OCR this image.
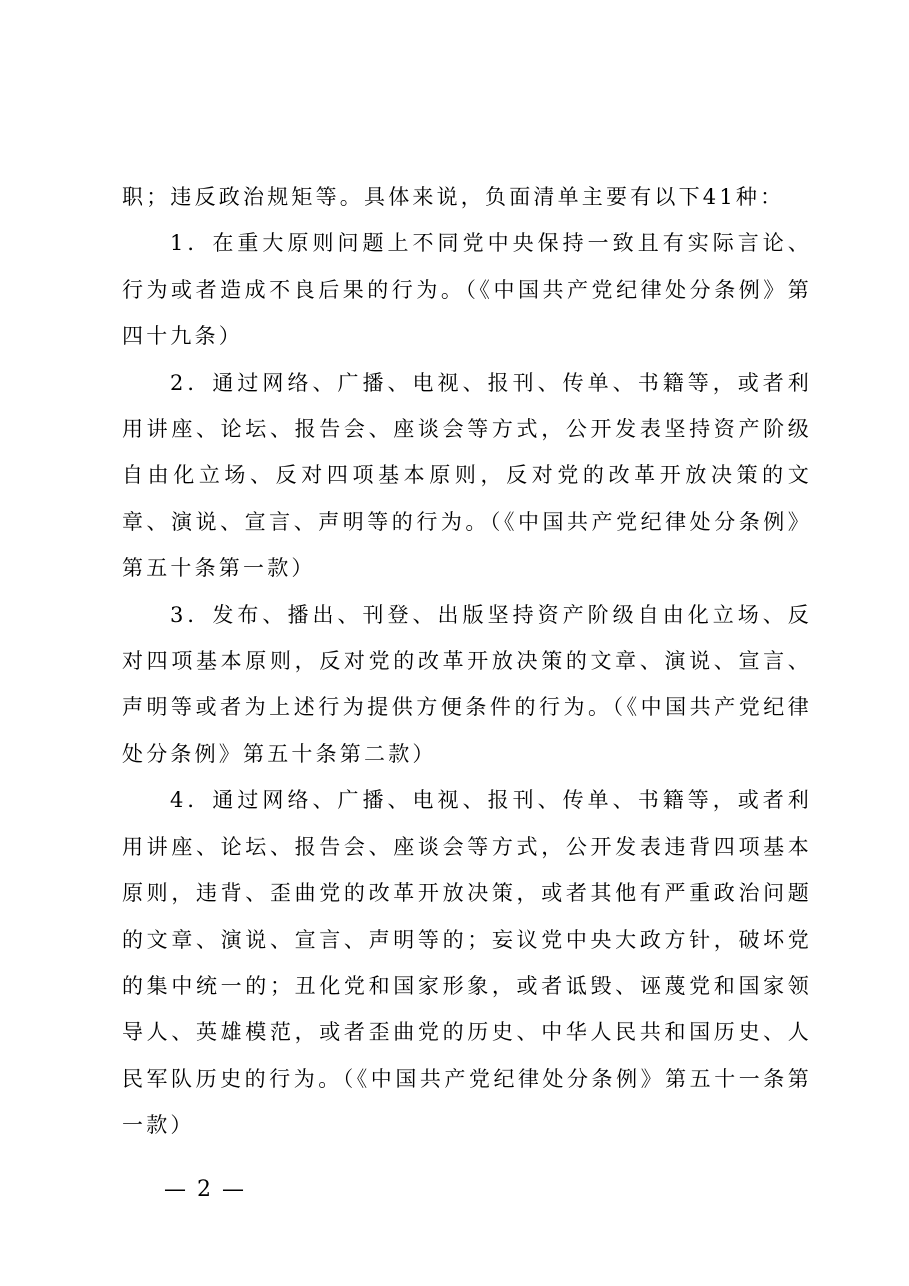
职；违反政治规矩等。具体来说，负面清单主要有以下41种：

1．在重大原则问题上不同党中央保持一致且有实际言论、行为或者造成不良后果的行为。（《中国共产党纪律处分条例》第四十九条）

2．通过网络、广播、电视、报刊、传单、书籍等，或者利用讲座、论坛、报告会、座谈会等方式，公开发表坚持资产阶级自由化立场、反对四项基本原则，反对党的改革开放决策的文章、演说、宣言、声明等的行为。（《中国共产党纪律处分条例》第五十条第一款）

3．发布、播出、刊登、出版坚持资产阶级自由化立场、反对四项基本原则，反对党的改革开放决策的文章、演说、宣言、声明等或者为上述行为提供方便条件的行为。（《中国共产党纪律处分条例》第五十条第二款）

4．通过网络、广播、电视、报刊、传单、书籍等，或者利用讲座、论坛、报告会、座谈会等方式，公开发表违背四项基本原则，违背、歪曲党的改革开放决策，或者其他有严重政治问题的文章、演说、宣言、声明等的；妄议党中央大政方针，破坏党的集中统一的；丑化党和国家形象，或者诋毁、诬蔑党和国家领导人、英雄模范，或者歪曲党的历史、中华人民共和国历史、人民军队历史的行为。（《中国共产党纪律处分条例》第五十一条第一款）

— 2 —
